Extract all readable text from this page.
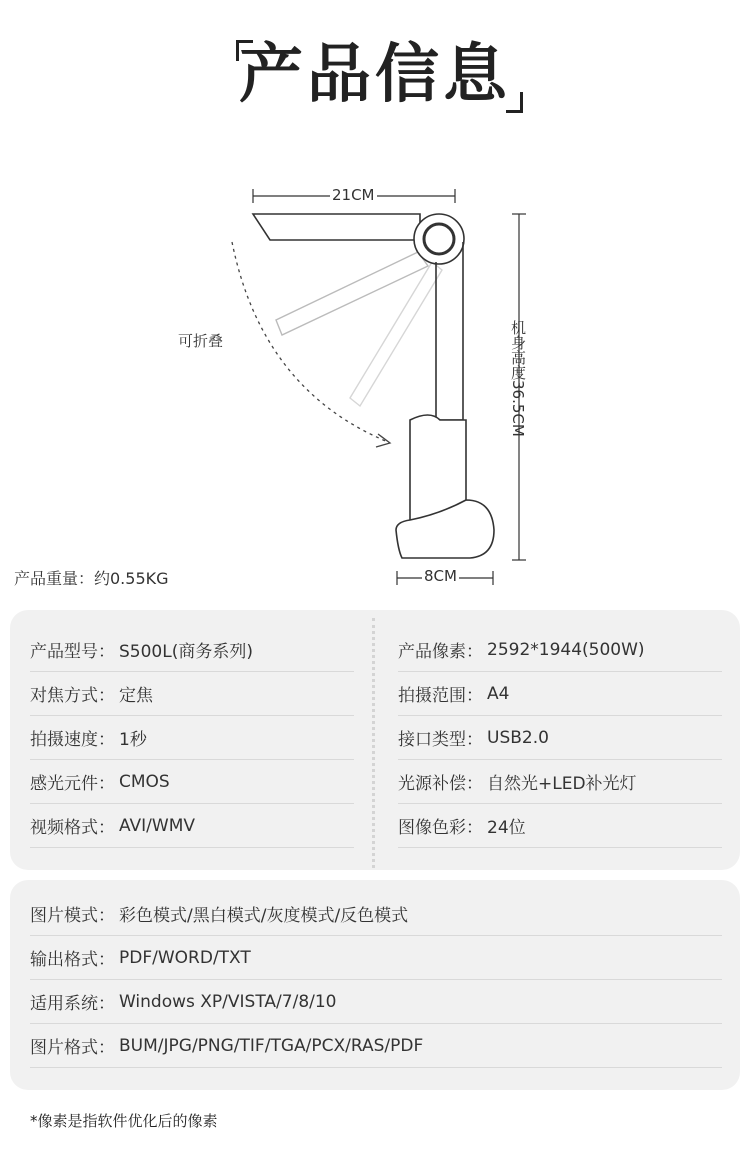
产品信息
21CM
可折叠	机身高度36.5CM
8CM
产品重量：约0.55KG
产品型号： S500L(商务系列)
对焦方式： 定焦
拍摄速度： 1秒
感光元件： CMOS
视频格式： AVI/WMV
产品像素： 2592*1944(500W)
拍摄范围： A4
接口类型： USB2.0
光源补偿： 自然光+LED补光灯
图像色彩： 24位
图片模式： 彩色模式/黑白模式/灰度模式/反色模式
输出格式： PDF/WORD/TXT
适用系统： Windows XP/VISTA/7/8/10
图片格式： BUM/JPG/PNG/TIF/TGA/PCX/RAS/PDF
*像素是指软件优化后的像素
